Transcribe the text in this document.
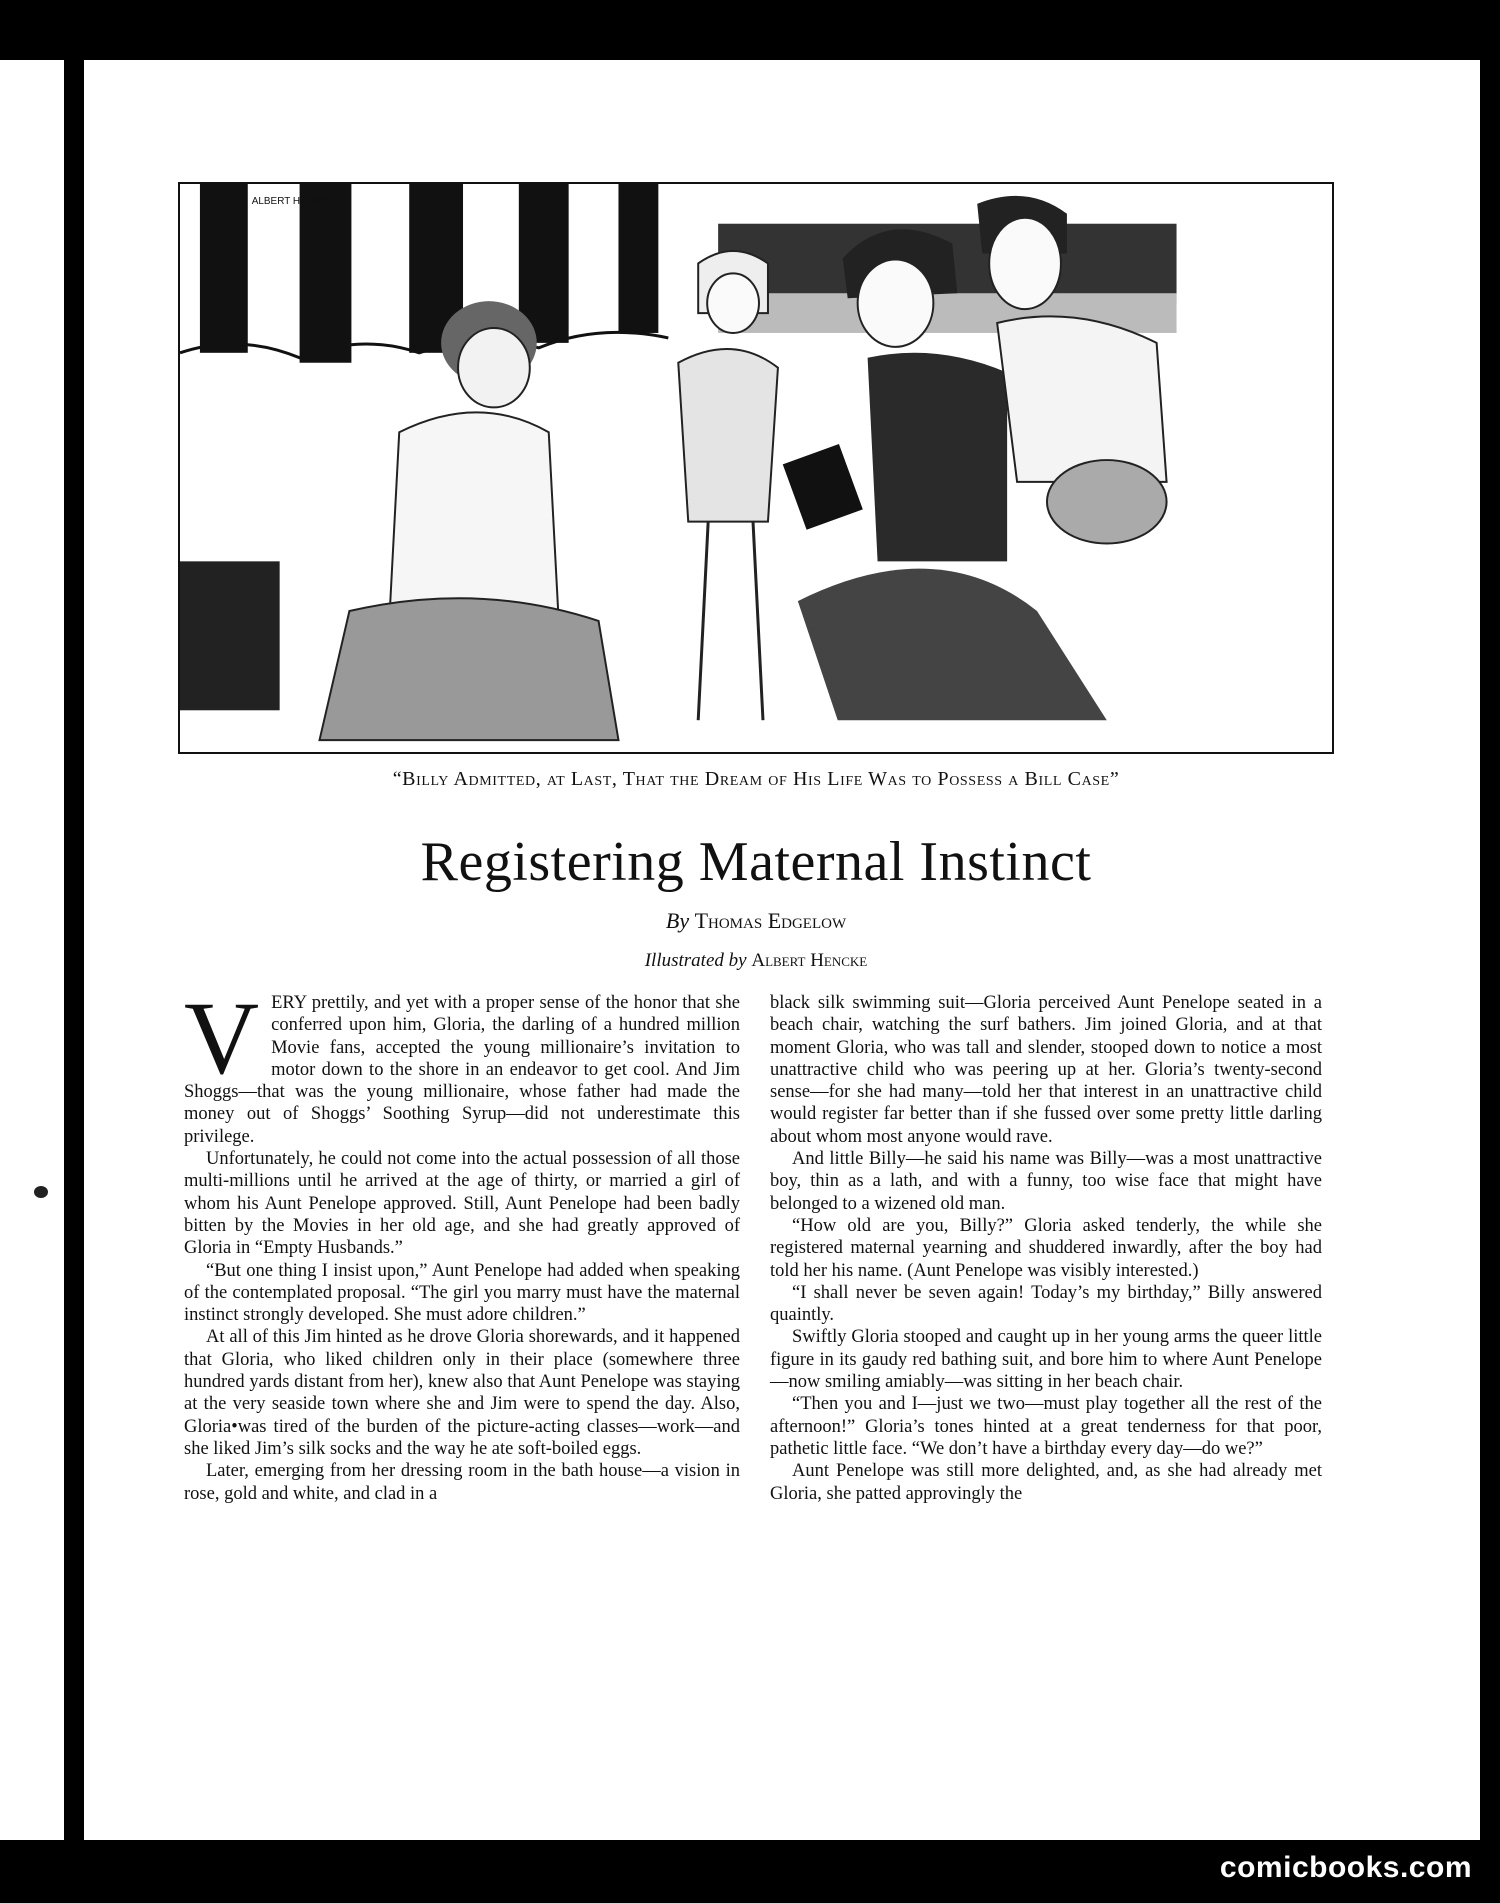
ALBERT HENCKE
“Billy Admitted, at Last, That the Dream of His Life Was to Possess a Bill Case”
Registering Maternal Instinct
By Thomas Edgelow
Illustrated by Albert Hencke
V ERY prettily, and yet with a proper sense of the honor that she conferred upon him, Gloria, the darling of a hundred million Movie fans, accepted the young millionaire’s invitation to motor down to the shore in an endeavor to get cool. And Jim Shoggs—that was the young millionaire, whose father had made the money out of Shoggs’ Soothing Syrup—did not underestimate this privilege.

Unfortunately, he could not come into the actual possession of all those multi-millions until he arrived at the age of thirty, or married a girl of whom his Aunt Penelope approved. Still, Aunt Penelope had been badly bitten by the Movies in her old age, and she had greatly approved of Gloria in “Empty Husbands.”

“But one thing I insist upon,” Aunt Penelope had added when speaking of the contemplated proposal. “The girl you marry must have the maternal instinct strongly developed. She must adore children.”

At all of this Jim hinted as he drove Gloria shorewards, and it happened that Gloria, who liked children only in their place (somewhere three hundred yards distant from her), knew also that Aunt Penelope was staying at the very seaside town where she and Jim were to spend the day. Also, Gloria•was tired of the burden of the picture-acting classes—work—and she liked Jim’s silk socks and the way he ate soft-boiled eggs.

Later, emerging from her dressing room in the bath house—a vision in rose, gold and white, and clad in a

black silk swimming suit—Gloria perceived Aunt Penelope seated in a beach chair, watching the surf bathers. Jim joined Gloria, and at that moment Gloria, who was tall and slender, stooped down to notice a most unattractive child who was peering up at her. Gloria’s twenty-second sense—for she had many—told her that interest in an unattractive child would register far better than if she fussed over some pretty little darling about whom most anyone would rave.

And little Billy—he said his name was Billy—was a most unattractive boy, thin as a lath, and with a funny, too wise face that might have belonged to a wizened old man.

“How old are you, Billy?” Gloria asked tenderly, the while she registered maternal yearning and shuddered inwardly, after the boy had told her his name. (Aunt Penelope was visibly interested.)

“I shall never be seven again! Today’s my birthday,” Billy answered quaintly.

Swiftly Gloria stooped and caught up in her young arms the queer little figure in its gaudy red bathing suit, and bore him to where Aunt Penelope—now smiling amiably—was sitting in her beach chair.

“Then you and I—just we two—must play together all the rest of the afternoon!” Gloria’s tones hinted at a great tenderness for that poor, pathetic little face. “We don’t have a birthday every day—do we?”

Aunt Penelope was still more delighted, and, as she had already met Gloria, she patted approvingly the

comicbooks.com
